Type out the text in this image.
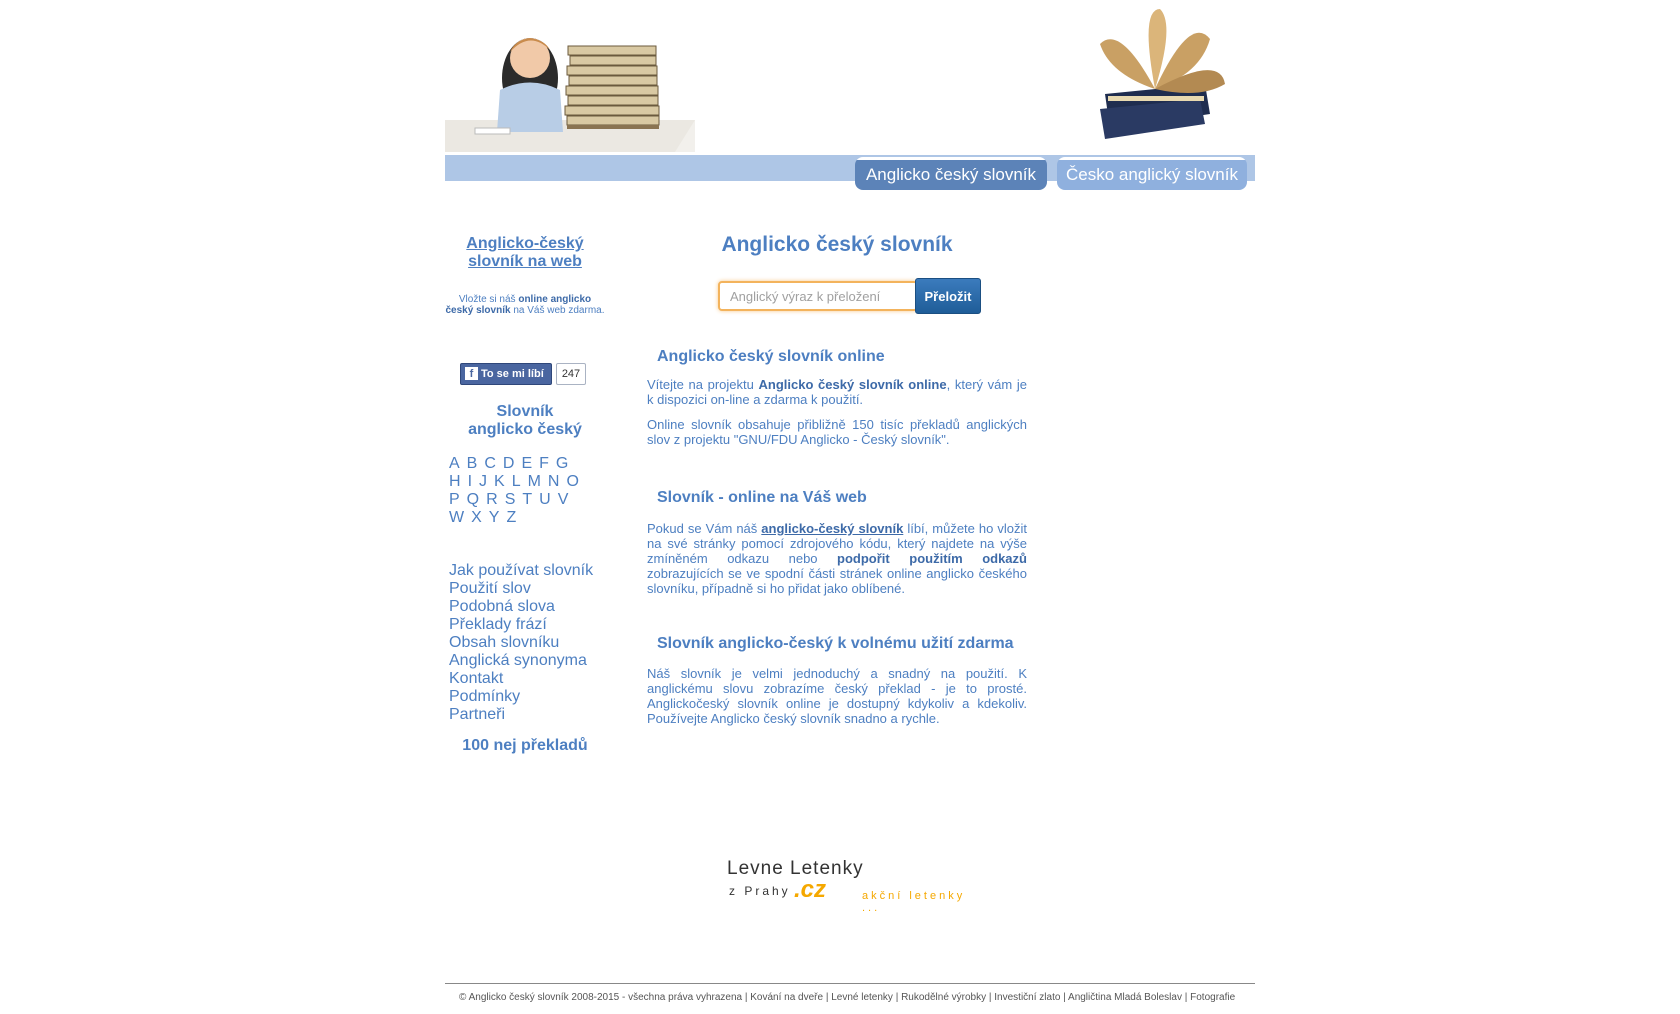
Anglicko český slovník	Česko anglický slovník
Anglicko-český
slovník na web
Vložte si náš online anglicko český slovník na Váš web zdarma.
f To se mi líbí	247
Slovník
anglicko český
A B C D E F G
H I J K L M N O
P Q R S T U V
W X Y Z
Jak používat slovník
Použití slov
Podobná slova
Překlady frází
Obsah slovníku
Anglická synonyma
Kontakt
Podmínky
Partneři
100 nej překladů
Anglicko český slovník
Anglický výraz k přeložení
Přeložit
Anglicko český slovník online
Vítejte na projektu Anglicko český slovník online, který vám je k dispozici on-line a zdarma k použití.
Online slovník obsahuje přibližně 150 tisíc překladů anglických slov z projektu "GNU/FDU Anglicko - Český slovník".
Slovník - online na Váš web
Pokud se Vám náš anglicko-český slovník líbí, můžete ho vložit na své stránky pomocí zdrojového kódu, který najdete na výše zmíněném odkazu nebo podpořit použitím odkazů zobrazujících se ve spodní části stránek online anglicko českého slovníku, případně si ho přidat jako oblíbené.
Slovník anglicko-český k volnému užití zdarma
Náš slovník je velmi jednoduchý a snadný na použití. K anglickému slovu zobrazíme český překlad - je to prosté. Anglickočeský slovník online je dostupný kdykoliv a kdekoliv. Používejte Anglicko český slovník snadno a rychle.
Levne Letenky
z Prahy .cz	akční letenky ...
© Anglicko český slovník 2008-2015 - všechna práva vyhrazena | Kování na dveře | Levné letenky | Rukodělné výrobky | Investiční zlato | Angličtina Mladá Boleslav | Fotografie
